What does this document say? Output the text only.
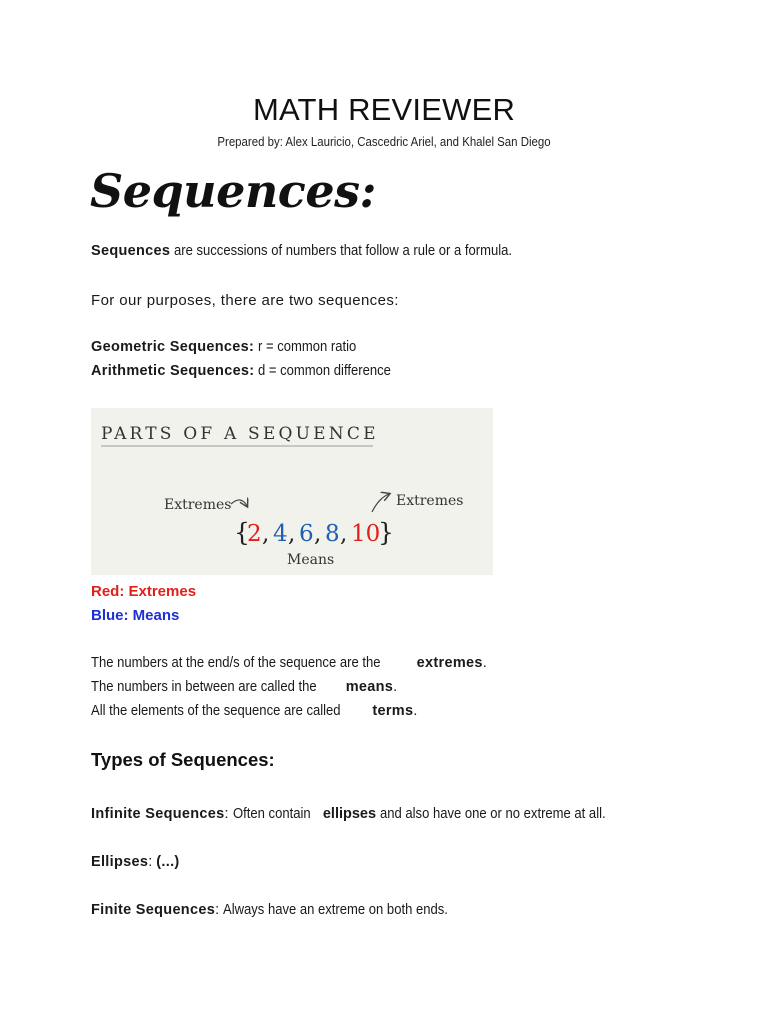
MATH REVIEWER
Prepared by: Alex Lauricio, Cascedric Ariel, and Khalel San Diego
Sequences:
Sequences are successions of numbers that follow a rule or a formula.
For our purposes, there are two sequences:
Geometric Sequences: r = common ratio
Arithmetic Sequences: d = common difference
PARTS OF A SEQUENCE
Extremes	Extremes
{
2 , 4 , 6 , 8 , 10
}
Means
Red: Extremes
Blue: Means
The numbers at the end/s of the sequence are the extremes.
The numbers in between are called the means.
All the elements of the sequence are called terms.
Types of Sequences:
Infinite Sequences: Often contain ellipses and also have one or no extreme at all.
Ellipses: (...)
Finite Sequences: Always have an extreme on both ends.
